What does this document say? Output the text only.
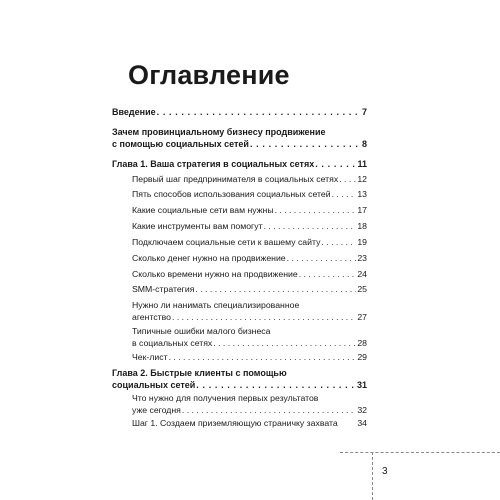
Оглавление
Введение . . .	7
Зачем провинциальному бизнесу продвижение
с помощью социальных сетей . . .	8
Глава 1. Ваша стратегия в социальных сетях . . .	11
Первый шаг предпринимателя в социальных сетях . . . 12
Пять способов использования социальных сетей . . .	13
Какие социальные сети вам нужны . . .	17
Какие инструменты вам помогут . . .	18
Подключаем социальные сети к вашему сайту . . .	19
Сколько денег нужно на продвижение . . .	23
Сколько времени нужно на продвижение . . .	24
SMM-стратегия . . .	25
Нужно ли нанимать специализированное
агентство . . .	27
Типичные ошибки малого бизнеса
в социальных сетях . . .	28
Чек-лист . . .	29
Глава 2. Быстрые клиенты с помощью
социальных сетей . . .	31
Что нужно для получения первых результатов
уже сегодня . . .	32
Шаг 1. Создаем приземляющую страничку захвата 34
3
